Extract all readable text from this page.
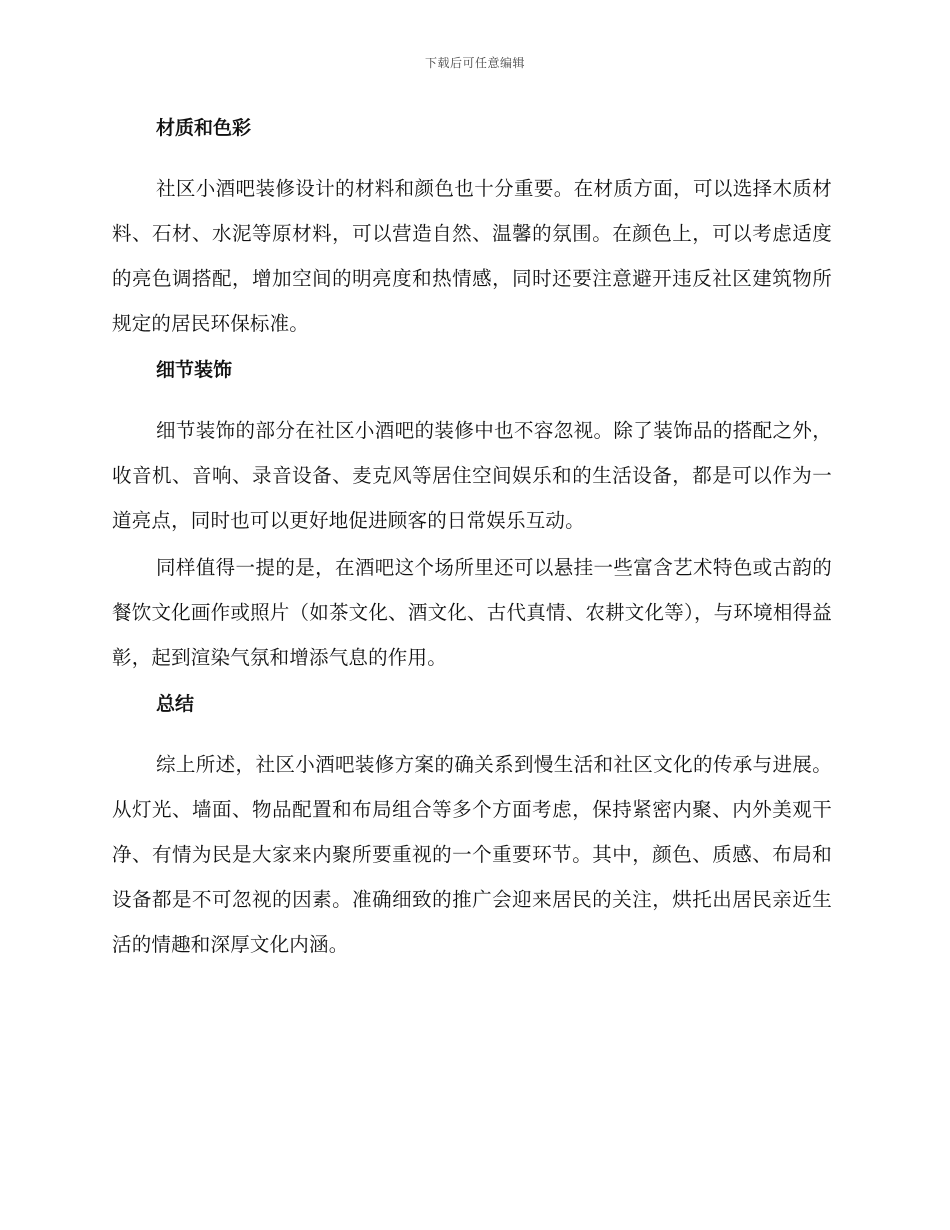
下载后可任意编辑
材质和色彩

社区小酒吧装修设计的材料和颜色也十分重要。在材质方面，可以选择木质材料、石材、水泥等原材料，可以营造自然、温馨的氛围。在颜色上，可以考虑适度的亮色调搭配，增加空间的明亮度和热情感，同时还要注意避开违反社区建筑物所规定的居民环保标准。

细节装饰

细节装饰的部分在社区小酒吧的装修中也不容忽视。除了装饰品的搭配之外，收音机、音响、录音设备、麦克风等居住空间娱乐和的生活设备，都是可以作为一道亮点，同时也可以更好地促进顾客的日常娱乐互动。

同样值得一提的是，在酒吧这个场所里还可以悬挂一些富含艺术特色或古韵的餐饮文化画作或照片（如茶文化、酒文化、古代真情、农耕文化等），与环境相得益彰，起到渲染气氛和增添气息的作用。

总结

综上所述，社区小酒吧装修方案的确关系到慢生活和社区文化的传承与进展。从灯光、墙面、物品配置和布局组合等多个方面考虑，保持紧密内聚、内外美观干净、有情为民是大家来内聚所要重视的一个重要环节。其中，颜色、质感、布局和设备都是不可忽视的因素。准确细致的推广会迎来居民的关注，烘托出居民亲近生活的情趣和深厚文化内涵。
